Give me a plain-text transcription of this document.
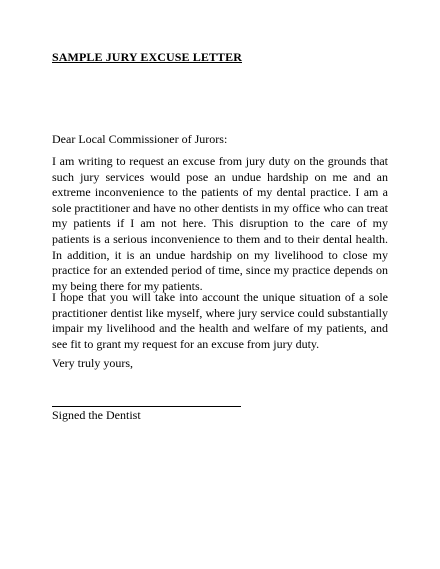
SAMPLE JURY EXCUSE LETTER
Dear Local Commissioner of Jurors:
I am writing to request an excuse from jury duty on the grounds that such jury services would pose an undue hardship on me and an extreme inconvenience to the patients of my dental practice. I am a sole practitioner and have no other dentists in my office who can treat my patients if I am not here. This disruption to the care of my patients is a serious inconvenience to them and to their dental health. In addition, it is an undue hardship on my livelihood to close my practice for an extended period of time, since my practice depends on my being there for my patients.
I hope that you will take into account the unique situation of a sole practitioner dentist like myself, where jury service could substantially impair my livelihood and the health and welfare of my patients, and see fit to grant my request for an excuse from jury duty.
Very truly yours,
Signed the Dentist
